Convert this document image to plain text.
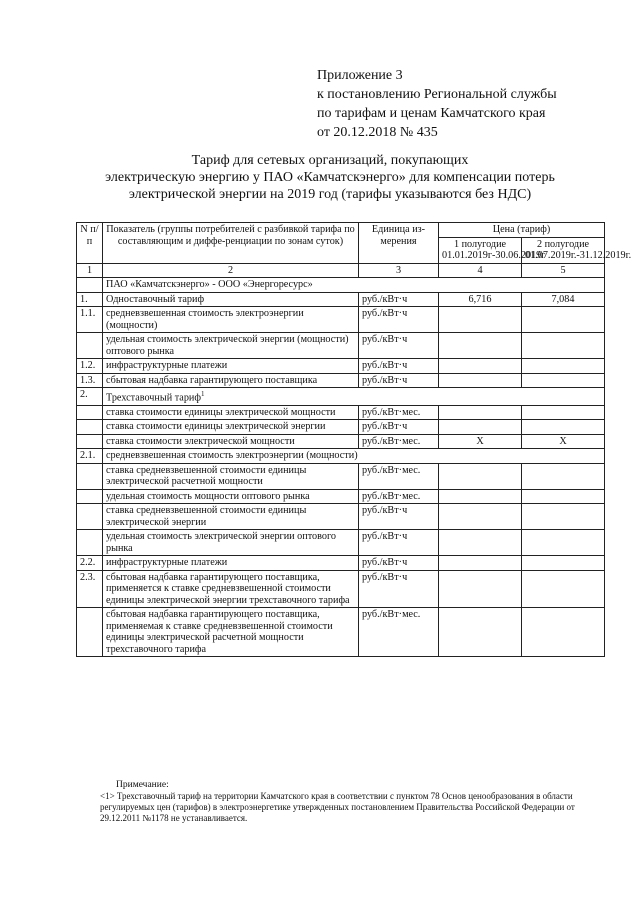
Приложение 3
к постановлению Региональной службы
по тарифам и ценам Камчатского края
от 20.12.2018 № 435
Тариф для сетевых организаций, покупающих
электрическую энергию у ПАО «Камчатскэнерго» для компенсации потерь
электрической энергии на 2019 год (тарифы указываются без НДС)
N п/п	Показатель (группы потребителей с разбивкой тарифа по составляющим и диффе-ренциации по зонам суток)	Единица из-мерения	Цена (тариф)	
			1 полугодие 01.01.2019г-30.06.2019г	2 полугодие 01.07.2019г.-31.12.2019г.
1	2	3	4	5
	ПАО «Камчатскэнерго» - ООО «Энергоресурс»			
1.	Одноставочный тариф	руб./кВт·ч	6,716	7,084
1.1.	средневзвешенная стоимость электроэнергии (мощности)	руб./кВт·ч		
	удельная стоимость электрической энергии (мощности) оптового рынка	руб./кВт·ч		
1.2.	инфраструктурные платежи	руб./кВт·ч		
1.3.	сбытовая надбавка гарантирующего поставщика	руб./кВт·ч		
2.	Трехставочный тариф$^1$
	ставка стоимости единицы электрической мощности	руб./кВт·мес.		
	ставка стоимости единицы электрической энергии	руб./кВт·ч		
	ставка стоимости электрической мощности	руб./кВт·мес.	X	X
2.1.	средневзвешенная стоимость электроэнергии (мощности)			
	ставка средневзвешенной стоимости единицы электрической расчетной мощности	руб./кВт·мес.		
	удельная стоимость мощности оптового рынка	руб./кВт·мес.		
	ставка средневзвешенной стоимости единицы электрической энергии	руб./кВт·ч		
	удельная стоимость электрической энергии оптового рынка	руб./кВт·ч		
2.2.	инфраструктурные платежи	руб./кВт·ч		
2.3.	сбытовая надбавка гарантирующего поставщика, применяется к ставке средневзвешенной стоимости единицы электрической энергии трехставочного тарифа	руб./кВт·ч		
	сбытовая надбавка гарантирующего поставщика, применяемая к ставке средневзвешенной стоимости единицы электрической расчетной мощности трехставочного тарифа	руб./кВт·мес.		
Примечание:
<1> Трехставочный тариф на территории Камчатского края в соответствии с пунктом 78 Основ ценообразования в области регулируемых цен (тарифов) в электроэнергетике утвержденных постановлением Правительства Российской Федерации от 29.12.2011 №1178 не устанавливается.
